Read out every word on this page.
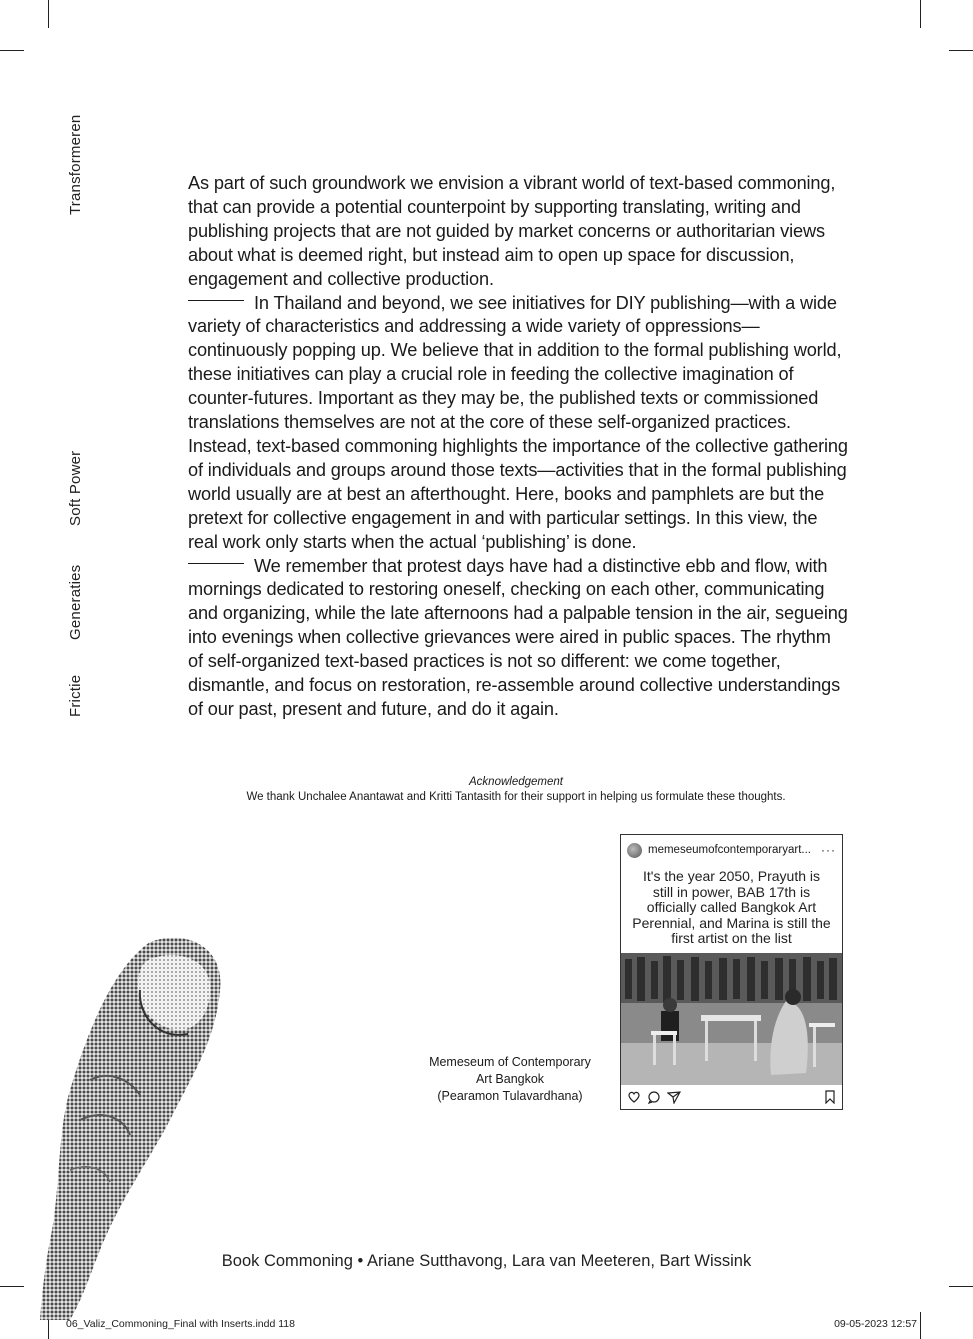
Transformeren
Soft Power
Generaties
Frictie

As part of such groundwork we envision a vibrant world of text-based commoning, that can provide a potential counterpoint by supporting translating, writing and publishing projects that are not guided by market concerns or authoritarian views about what is deemed right, but instead aim to open up space for discussion, engagement and collective production.

In Thailand and beyond, we see initiatives for DIY publishing—with a wide variety of characteristics and addressing a wide variety of oppressions—continuously popping up. We believe that in addition to the formal publishing world, these initiatives can play a crucial role in feeding the collective imagination of counter-futures. Important as they may be, the published texts or commissioned translations themselves are not at the core of these self-organized practices. Instead, text-based commoning highlights the importance of the collective gathering of individuals and groups around those texts—activities that in the formal publishing world usually are at best an afterthought. Here, books and pamphlets are but the pretext for collective engagement in and with particular settings. In this view, the real work only starts when the actual ‘publishing’ is done.

We remember that protest days have had a distinctive ebb and flow, with mornings dedicated to restoring oneself, checking on each other, communicating and organizing, while the late afternoons had a palpable tension in the air, segueing into evenings when collective grievances were aired in public spaces. The rhythm of self-organized text-based practices is not so different: we come together, dismantle, and focus on restoration, re-assemble around collective understandings of our past, present and future, and do it again.

Acknowledgement
We thank Unchalee Anantawat and Kritti Tantasith for their support in helping us formulate these thoughts.
Memeseum of Contemporary
Art Bangkok
(Pearamon Tulavardhana)
memeseumofcontemporaryart... ···
It's the year 2050, Prayuth is still in power, BAB 17th is officially called Bangkok Art Perennial, and Marina is still the first artist on the list
Book Commoning • Ariane Sutthavong, Lara van Meeteren, Bart Wissink
06_Valiz_Commoning_Final with Inserts.indd 118	09-05-2023 12:57
